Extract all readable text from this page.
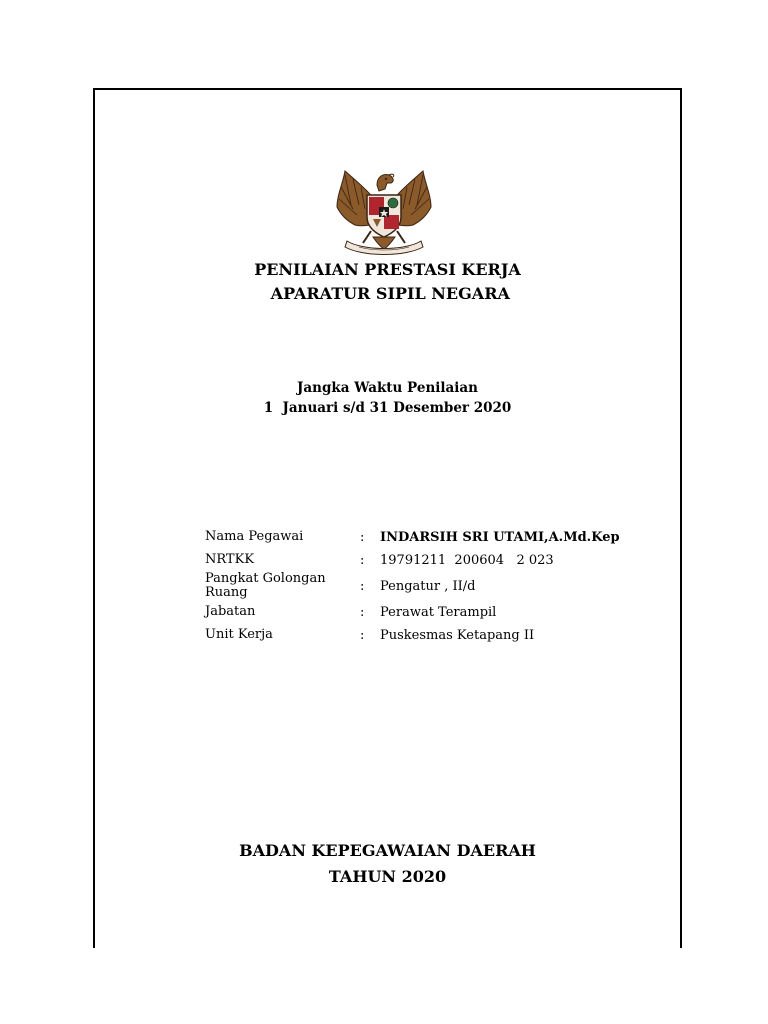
PENILAIAN PRESTASI KERJA
APARATUR SIPIL NEGARA
Jangka Waktu Penilaian
1  Januari s/d 31 Desember 2020
Nama Pegawai	:	INDARSIH SRI UTAMI,A.Md.Kep
NRTKK	:	19791211  200604   2 023
Pangkat Golongan Ruang	:	Pengatur , II/d
Jabatan	:	Perawat Terampil
Unit Kerja	:	Puskesmas Ketapang II
BADAN KEPEGAWAIAN DAERAH
TAHUN 2020
